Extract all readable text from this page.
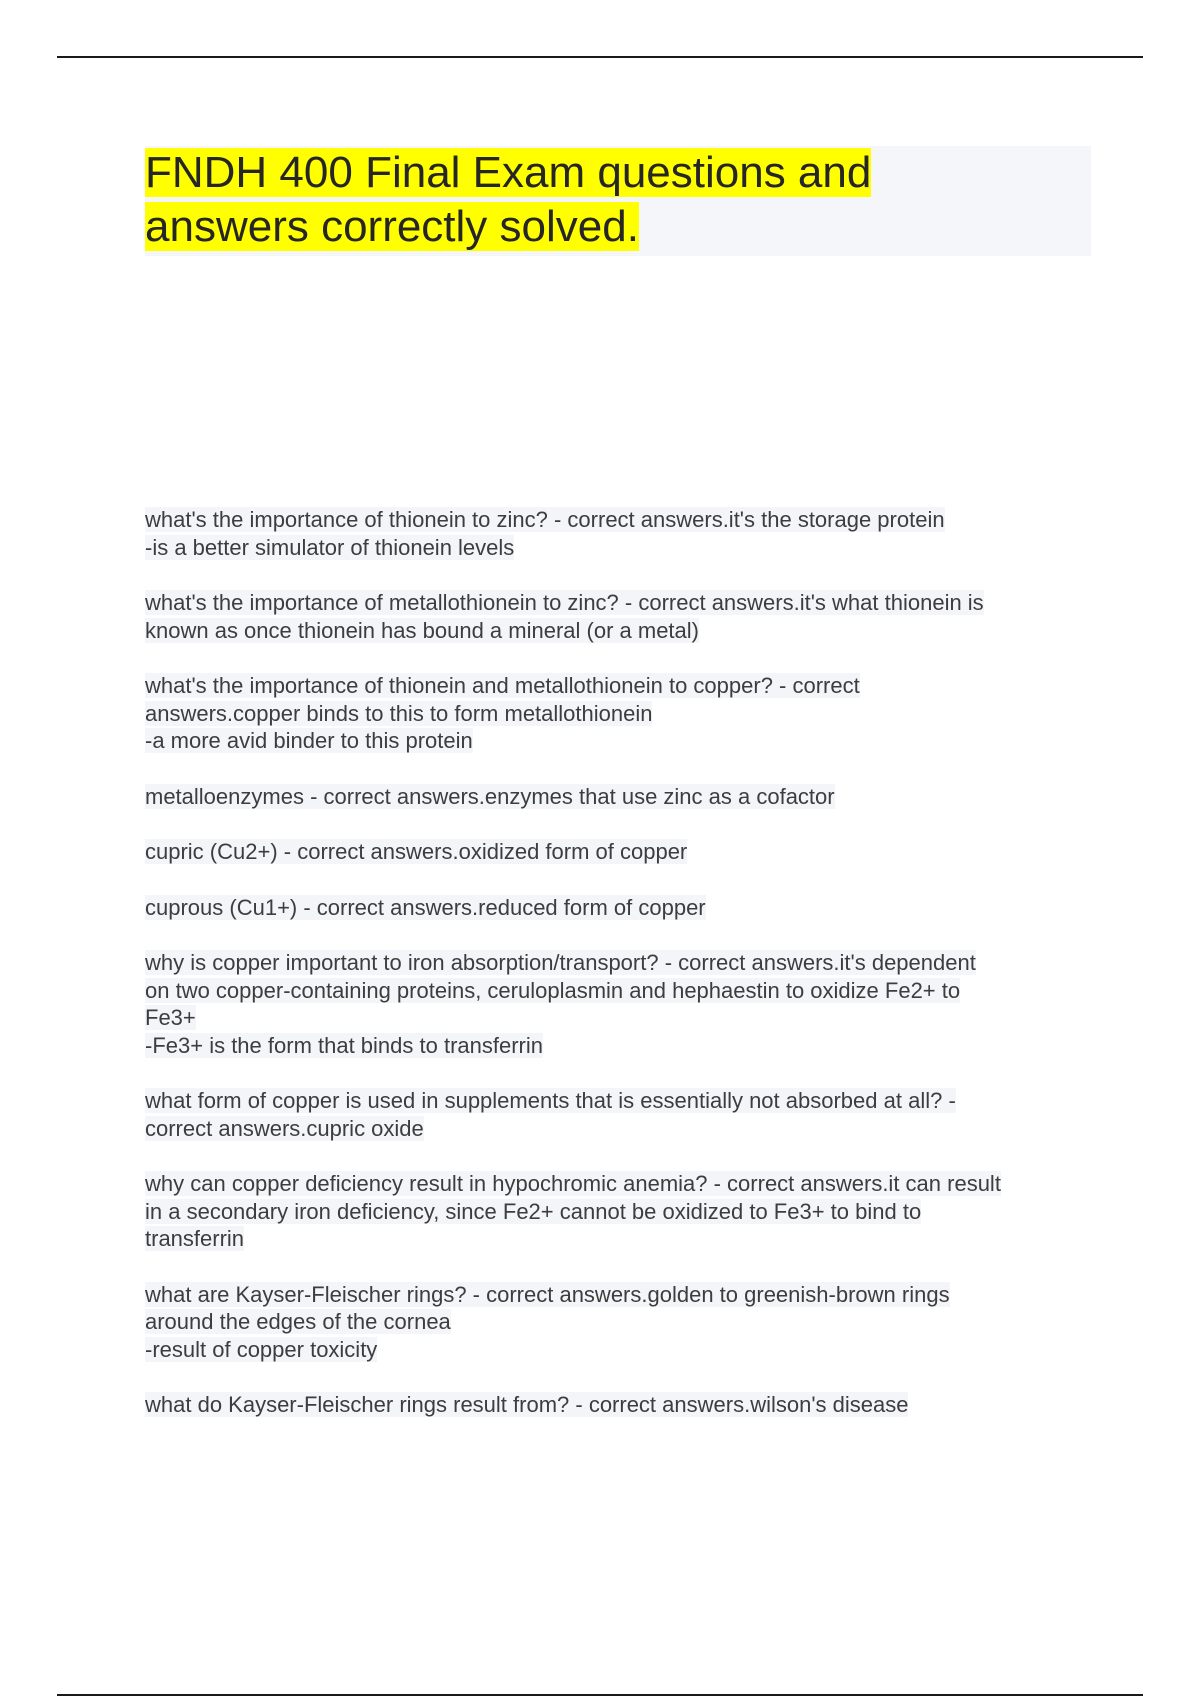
FNDH 400 Final Exam questions and
answers correctly solved.
what's the importance of thionein to zinc? - correct answers.it's the storage protein
-is a better simulator of thionein levels
what's the importance of metallothionein to zinc? - correct answers.it's what thionein is
known as once thionein has bound a mineral (or a metal)
what's the importance of thionein and metallothionein to copper? - correct
answers.copper binds to this to form metallothionein
-a more avid binder to this protein
metalloenzymes - correct answers.enzymes that use zinc as a cofactor
cupric (Cu2+) - correct answers.oxidized form of copper
cuprous (Cu1+) - correct answers.reduced form of copper
why is copper important to iron absorption/transport? - correct answers.it's dependent
on two copper-containing proteins, ceruloplasmin and hephaestin to oxidize Fe2+ to
Fe3+
-Fe3+ is the form that binds to transferrin
what form of copper is used in supplements that is essentially not absorbed at all? -
correct answers.cupric oxide
why can copper deficiency result in hypochromic anemia? - correct answers.it can result
in a secondary iron deficiency, since Fe2+ cannot be oxidized to Fe3+ to bind to
transferrin
what are Kayser-Fleischer rings? - correct answers.golden to greenish-brown rings
around the edges of the cornea
-result of copper toxicity
what do Kayser-Fleischer rings result from? - correct answers.wilson's disease
